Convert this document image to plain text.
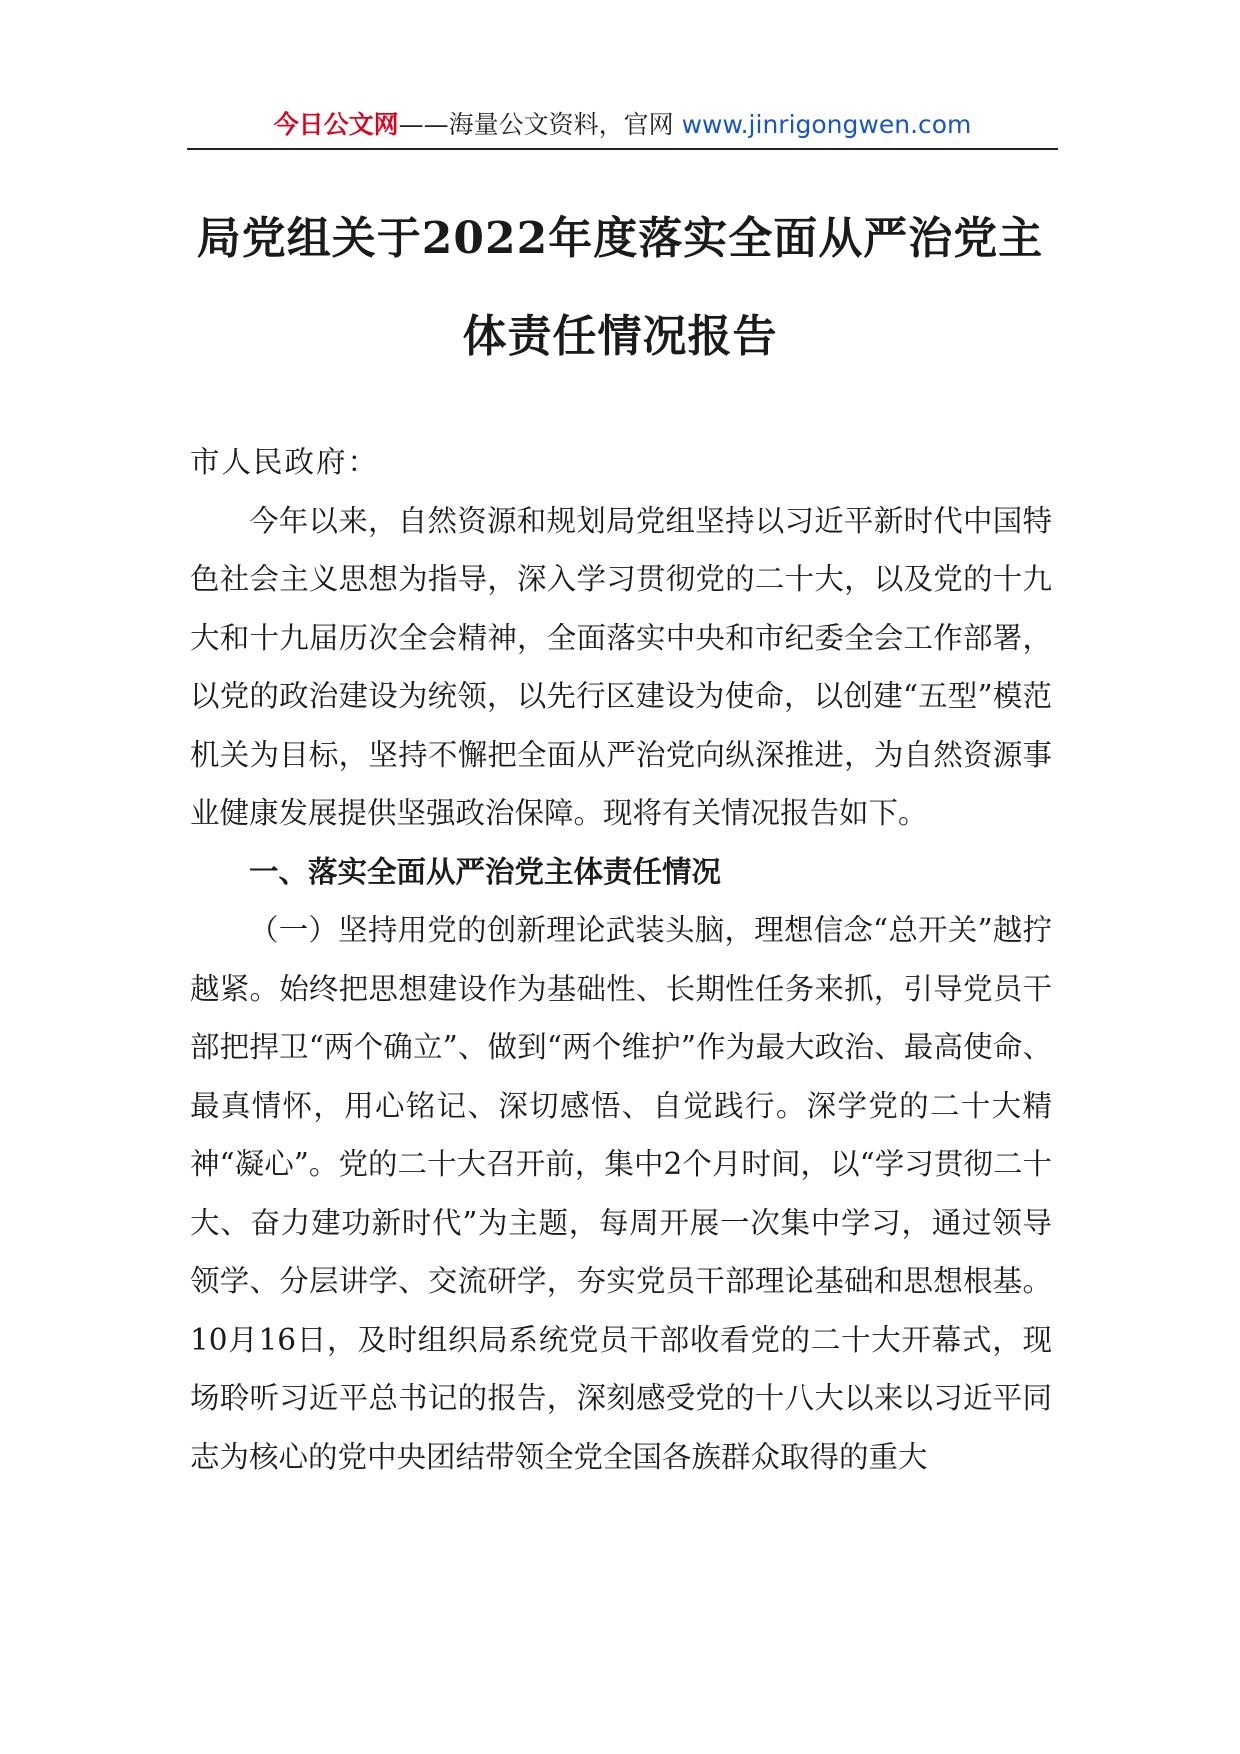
今日公文网——海量公文资料，官网 www.jinrigongwen.com
局党组关于2022年度落实全面从严治党主
体责任情况报告

市人民政府：

今年以来，自然资源和规划局党组坚持以习近平新时代中国特色社会主义思想为指导，深入学习贯彻党的二十大，以及党的十九大和十九届历次全会精神，全面落实中央和市纪委全会工作部署，以党的政治建设为统领，以先行区建设为使命，以创建“五型”模范机关为目标，坚持不懈把全面从严治党向纵深推进，为自然资源事业健康发展提供坚强政治保障。现将有关情况报告如下。

一、落实全面从严治党主体责任情况

（一）坚持用党的创新理论武装头脑，理想信念“总开关”越拧越紧。始终把思想建设作为基础性、长期性任务来抓，引导党员干部把捍卫“两个确立”、做到“两个维护”作为最大政治、最高使命、最真情怀，用心铭记、深切感悟、自觉践行。深学党的二十大精神“凝心”。党的二十大召开前，集中2个月时间，以“学习贯彻二十大、奋力建功新时代”为主题，每周开展一次集中学习，通过领导领学、分层讲学、交流研学，夯实党员干部理论基础和思想根基。10月16日，及时组织局系统党员干部收看党的二十大开幕式，现场聆听习近平总书记的报告，深刻感受党的十八大以来以习近平同志为核心的党中央团结带领全党全国各族群众取得的重大
